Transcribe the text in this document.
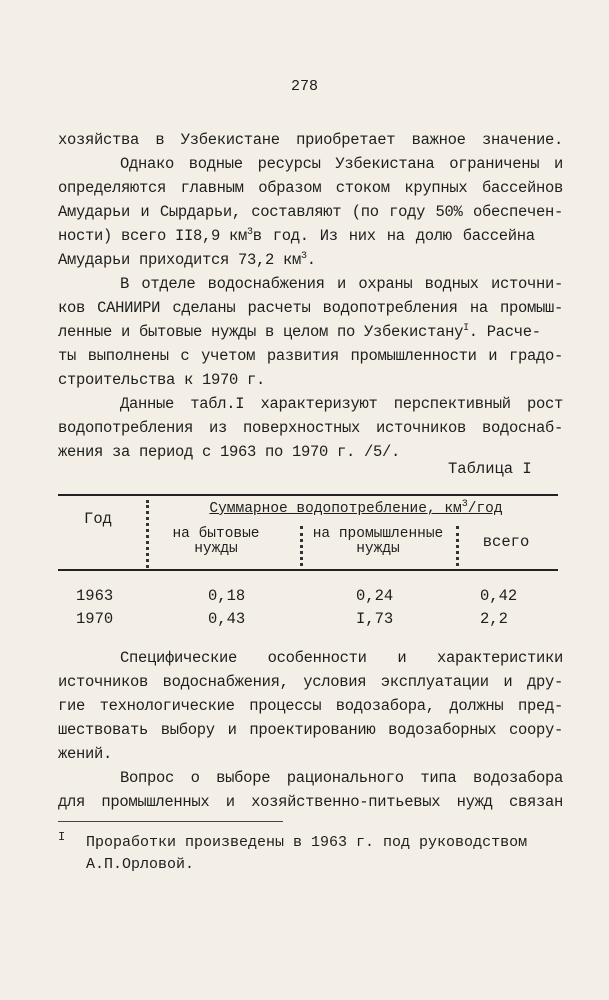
278
хозяйства в Узбекистане приобретает важное значение.
Однако водные ресурсы Узбекистана ограничены и
определяются главным образом стоком крупных бассейнов
Амударьи и Сырдарьи, составляют (по году 50% обеспечен-
ности) всего II8,9 $км^3в$ год. Из них на долю бассейна
Амударьи приходится 73,2 $км^3$.
В отделе водоснабжения и охраны водных источни-
ков САНИИРИ сделаны расчеты водопотребления на промыш-
ленные и бытовые нужды в целом по Узбекистану$^I$. Расче-
ты выполнены с учетом развития промышленности и градо-
строительства к 1970 г.
Данные табл.I характеризуют перспективный рост
водопотребления из поверхностных источников водоснаб-
жения за период с 1963 по 1970 г. /5/.
Таблица I
Год
Суммарное водопотребление, $км^3$/год
на бытовые нужды
на промышленные нужды	всего
1963	0,18	0,24	0,42
1970	0,43	I,73	2,2
Специфические особенности и характеристики
источников водоснабжения, условия эксплуатации и дру-
гие технологические процессы водозабора, должны пред-
шествовать выбору и проектированию водозаборных соору-
жений.
Вопрос о выборе рационального типа водозабора
для промышленных и хозяйственно-питьевых нужд связан
I Проработки произведены в 1963 г. под руководством
А.П.Орловой.
